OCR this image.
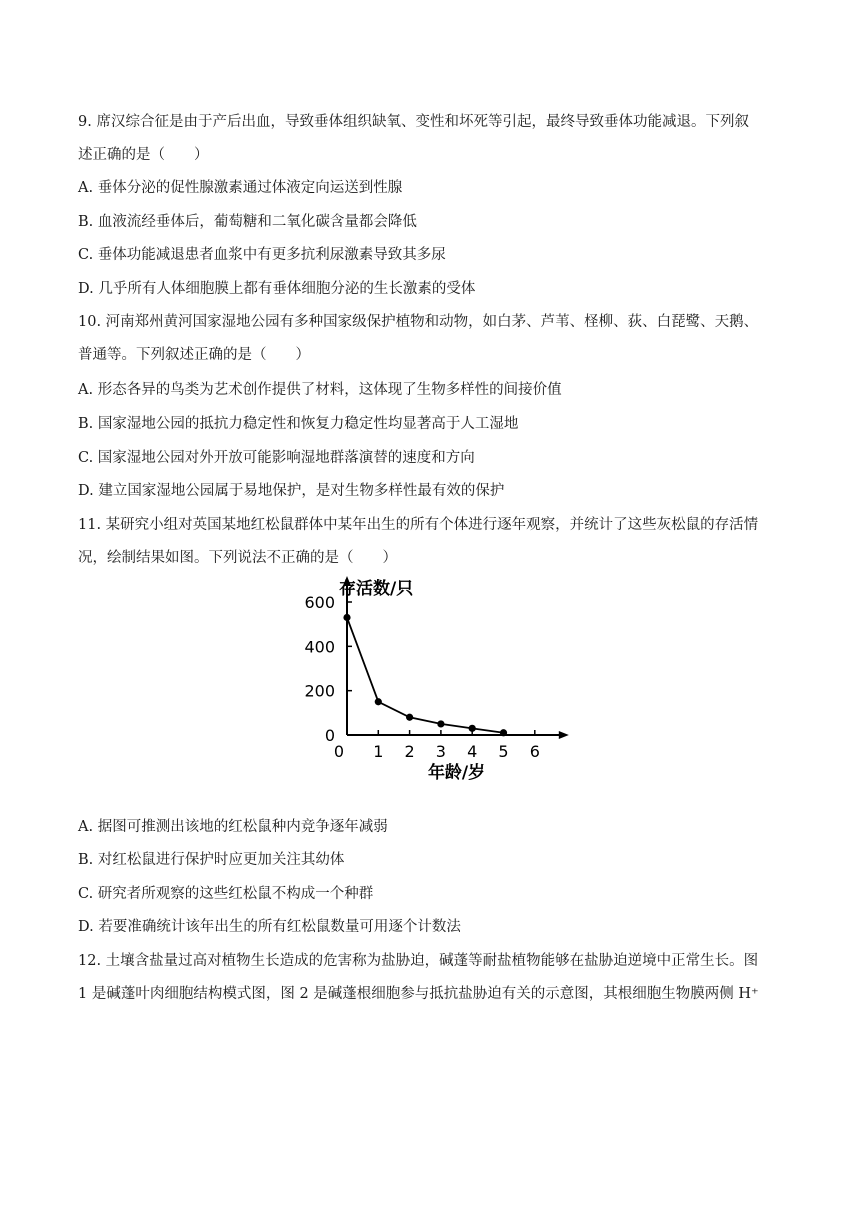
9. 席汉综合征是由于产后出血，导致垂体组织缺氧、变性和坏死等引起，最终导致垂体功能减退。下列叙
述正确的是（　　）
A. 垂体分泌的促性腺激素通过体液定向运送到性腺
B. 血液流经垂体后，葡萄糖和二氧化碳含量都会降低
C. 垂体功能减退患者血浆中有更多抗利尿激素导致其多尿
D. 几乎所有人体细胞膜上都有垂体细胞分泌的生长激素的受体
10. 河南郑州黄河国家湿地公园有多种国家级保护植物和动物，如白茅、芦苇、柽柳、荻、白琵鹭、天鹅、
普通等。下列叙述正确的是（　　）
A. 形态各异的鸟类为艺术创作提供了材料，这体现了生物多样性的间接价值
B. 国家湿地公园的抵抗力稳定性和恢复力稳定性均显著高于人工湿地
C. 国家湿地公园对外开放可能影响湿地群落演替的速度和方向
D. 建立国家湿地公园属于易地保护，是对生物多样性最有效的保护
11. 某研究小组对英国某地红松鼠群体中某年出生的所有个体进行逐年观察，并统计了这些灰松鼠的存活情
况，绘制结果如图。下列说法不正确的是（　　）
0
200
400
600
0 1 2 3 4 5 6
存活数/只
年龄/岁
A. 据图可推测出该地的红松鼠种内竞争逐年减弱
B. 对红松鼠进行保护时应更加关注其幼体
C. 研究者所观察的这些红松鼠不构成一个种群
D. 若要准确统计该年出生的所有红松鼠数量可用逐个计数法
12. 土壤含盐量过高对植物生长造成的危害称为盐胁迫，碱蓬等耐盐植物能够在盐胁迫逆境中正常生长。图
1 是碱蓬叶肉细胞结构模式图，图 2 是碱蓬根细胞参与抵抗盐胁迫有关的示意图，其根细胞生物膜两侧 H⁺
